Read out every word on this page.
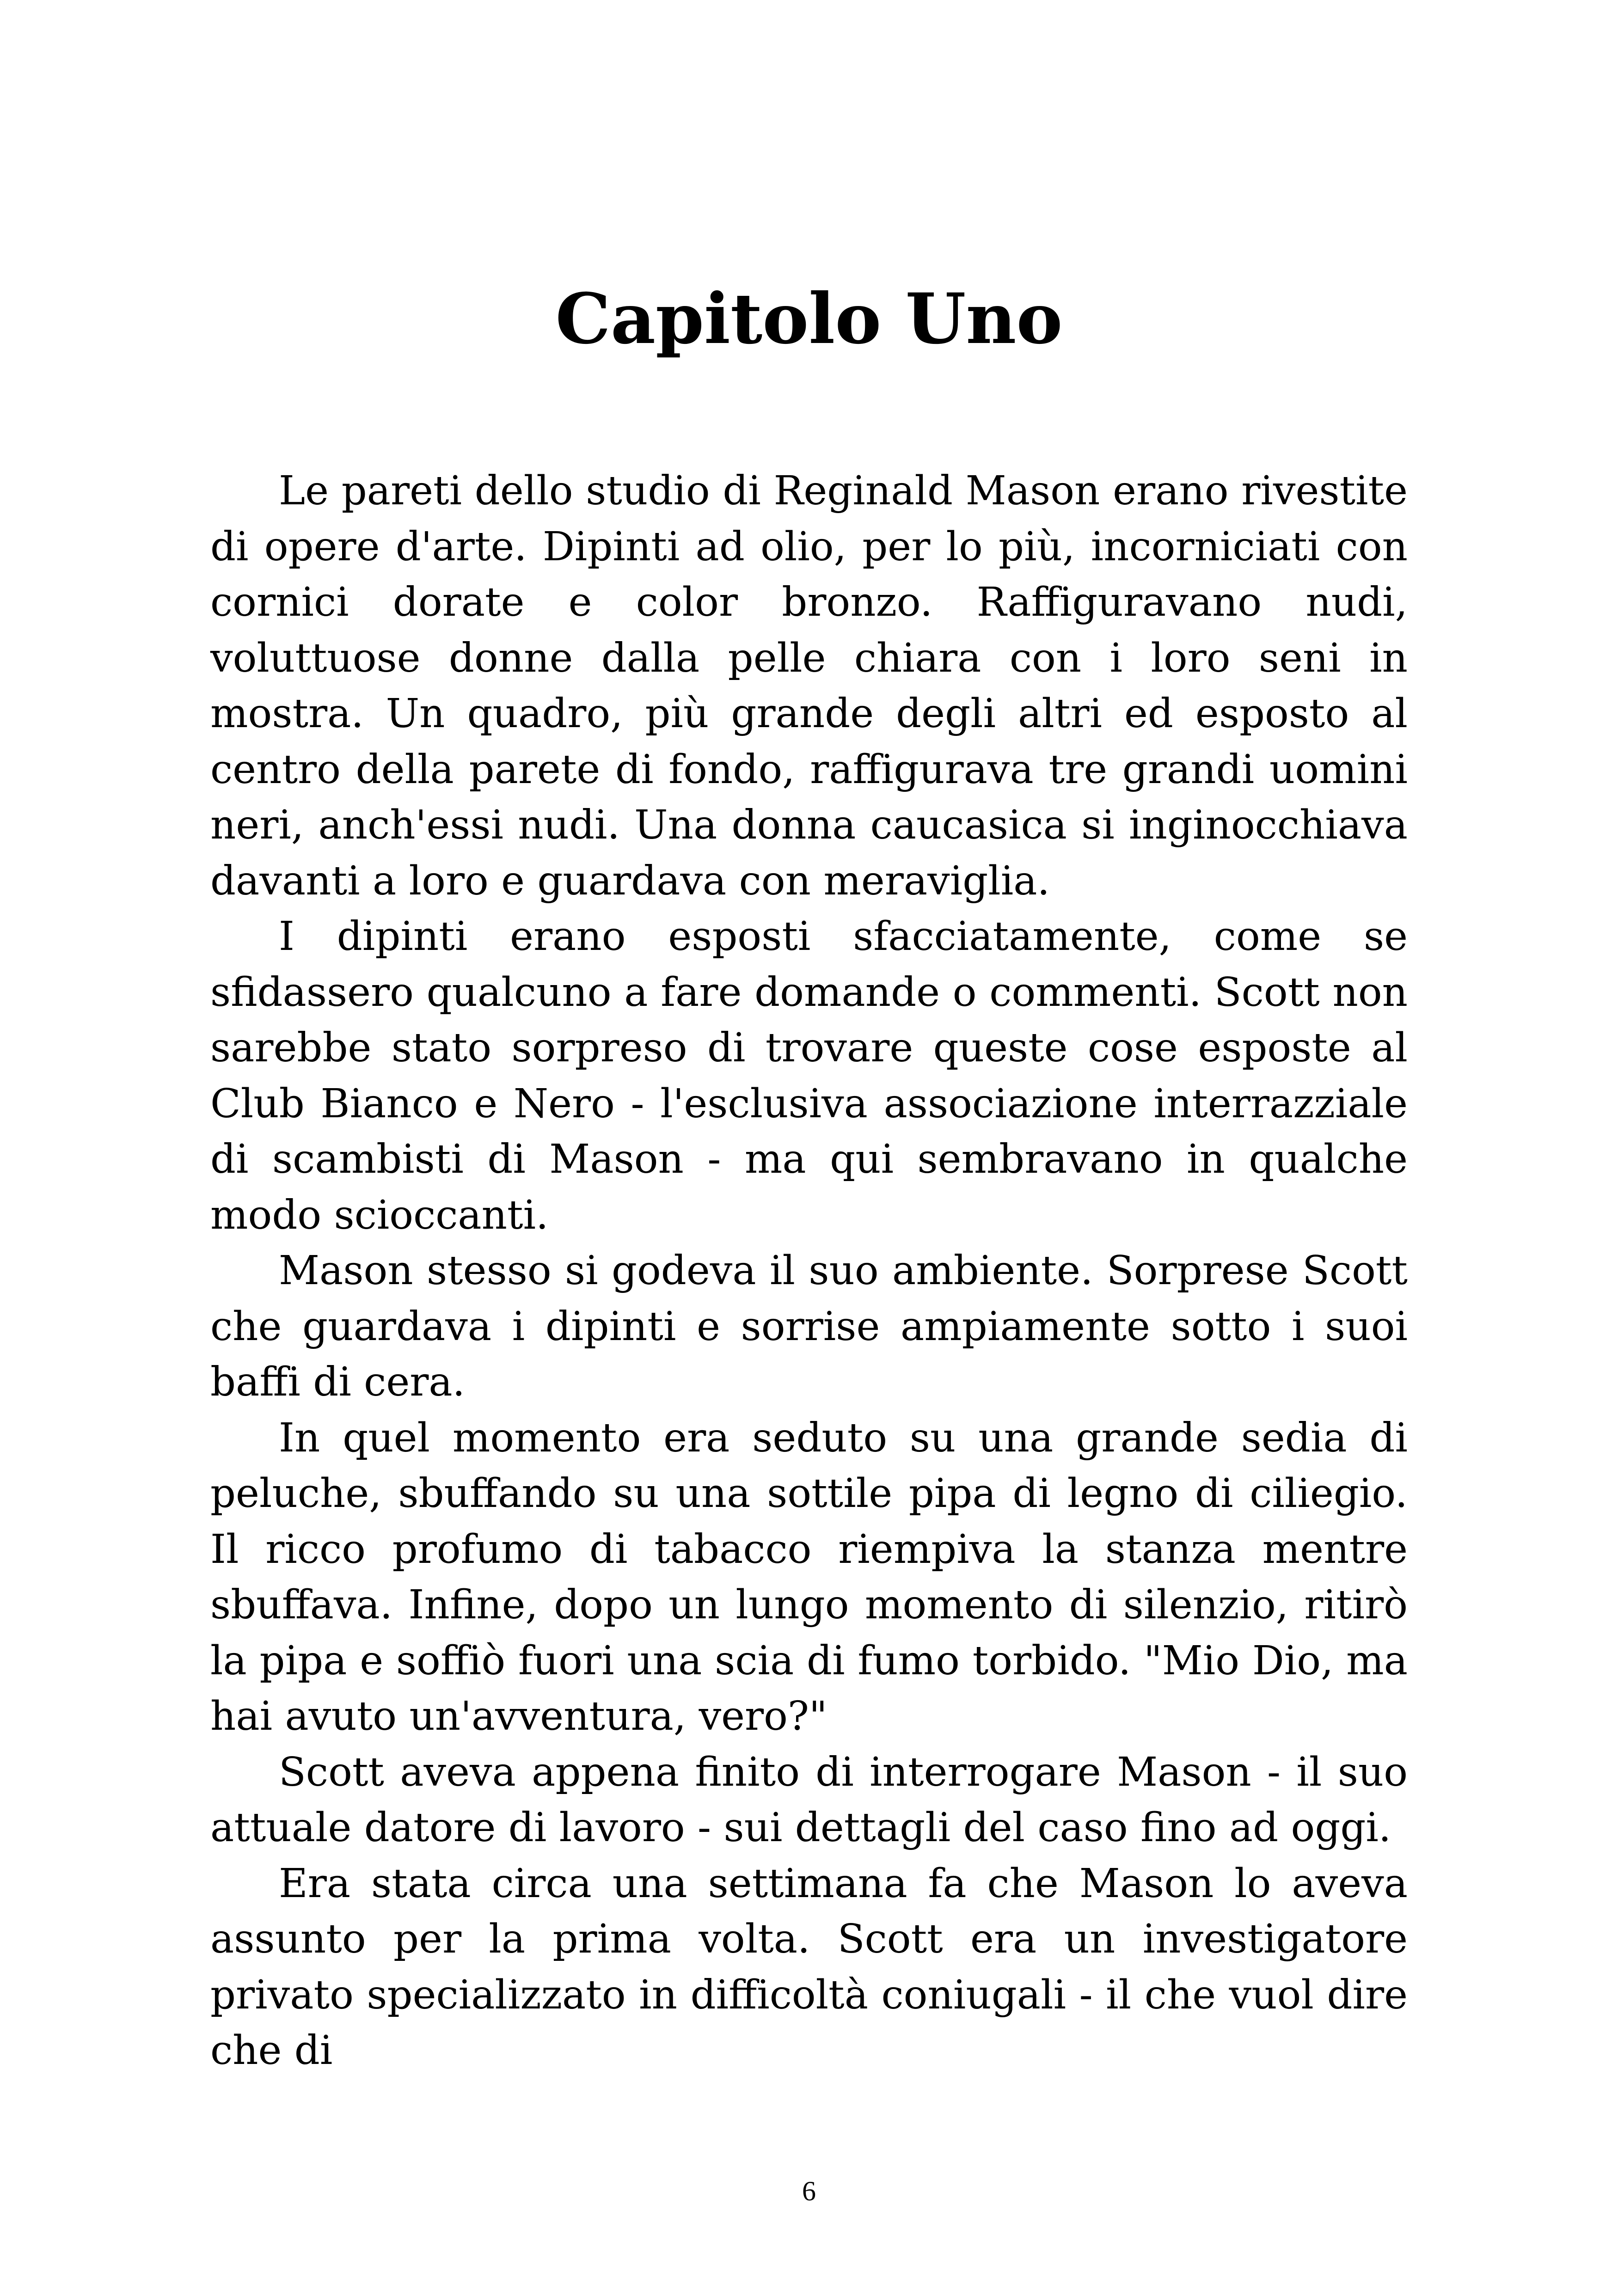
Capitolo Uno

Le pareti dello studio di Reginald Mason erano rivestite di opere d'arte. Dipinti ad olio, per lo più, incorniciati con cornici dorate e color bronzo. Raffiguravano nudi, voluttuose donne dalla pelle chiara con i loro seni in mostra. Un quadro, più grande degli altri ed esposto al centro della parete di fondo, raffigurava tre grandi uomini neri, anch'essi nudi. Una donna caucasica si inginocchiava davanti a loro e guardava con meraviglia.

I dipinti erano esposti sfacciatamente, come se sfidassero qualcuno a fare domande o commenti. Scott non sarebbe stato sorpreso di trovare queste cose esposte al Club Bianco e Nero - l'esclusiva associazione interrazziale di scambisti di Mason - ma qui sembravano in qualche modo scioccanti.

Mason stesso si godeva il suo ambiente. Sorprese Scott che guardava i dipinti e sorrise ampiamente sotto i suoi baffi di cera.

In quel momento era seduto su una grande sedia di peluche, sbuffando su una sottile pipa di legno di ciliegio. Il ricco profumo di tabacco riempiva la stanza mentre sbuffava. Infine, dopo un lungo momento di silenzio, ritirò la pipa e soffiò fuori una scia di fumo torbido. "Mio Dio, ma hai avuto un'avventura, vero?"

Scott aveva appena finito di interrogare Mason - il suo attuale datore di lavoro - sui dettagli del caso fino ad oggi.

Era stata circa una settimana fa che Mason lo aveva assunto per la prima volta. Scott era un investigatore privato specializzato in difficoltà coniugali - il che vuol dire che di

6
